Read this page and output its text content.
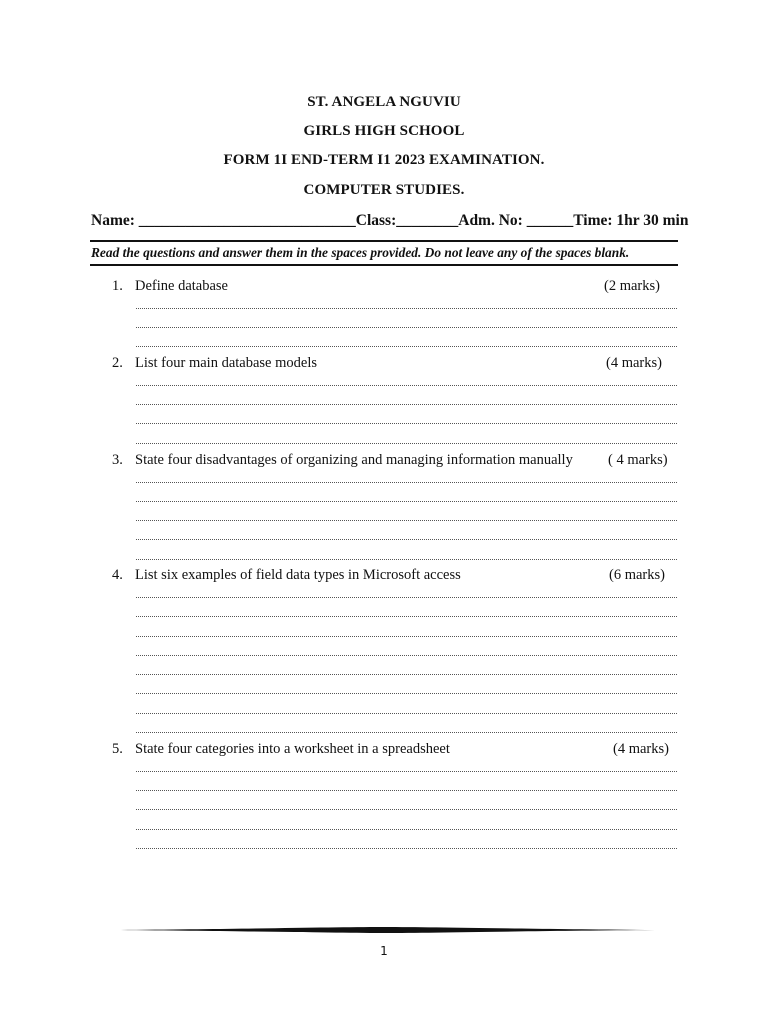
ST. ANGELA NGUVIU
GIRLS HIGH SCHOOL
FORM 1I END-TERM I1 2023 EXAMINATION.
COMPUTER STUDIES.
Name: ____________________________Class:________Adm. No: ______Time: 1hr 30 min
Read the questions and answer them in the spaces provided. Do not leave any of the spaces blank.
1. Define database	(2 marks)
2. List four main database models	(4 marks)
3. State four disadvantages of organizing and managing information manually ( 4 marks)
4. List six examples of field data types in Microsoft access	(6 marks)
5. State four categories into a worksheet in a spreadsheet	(4 marks)
1
